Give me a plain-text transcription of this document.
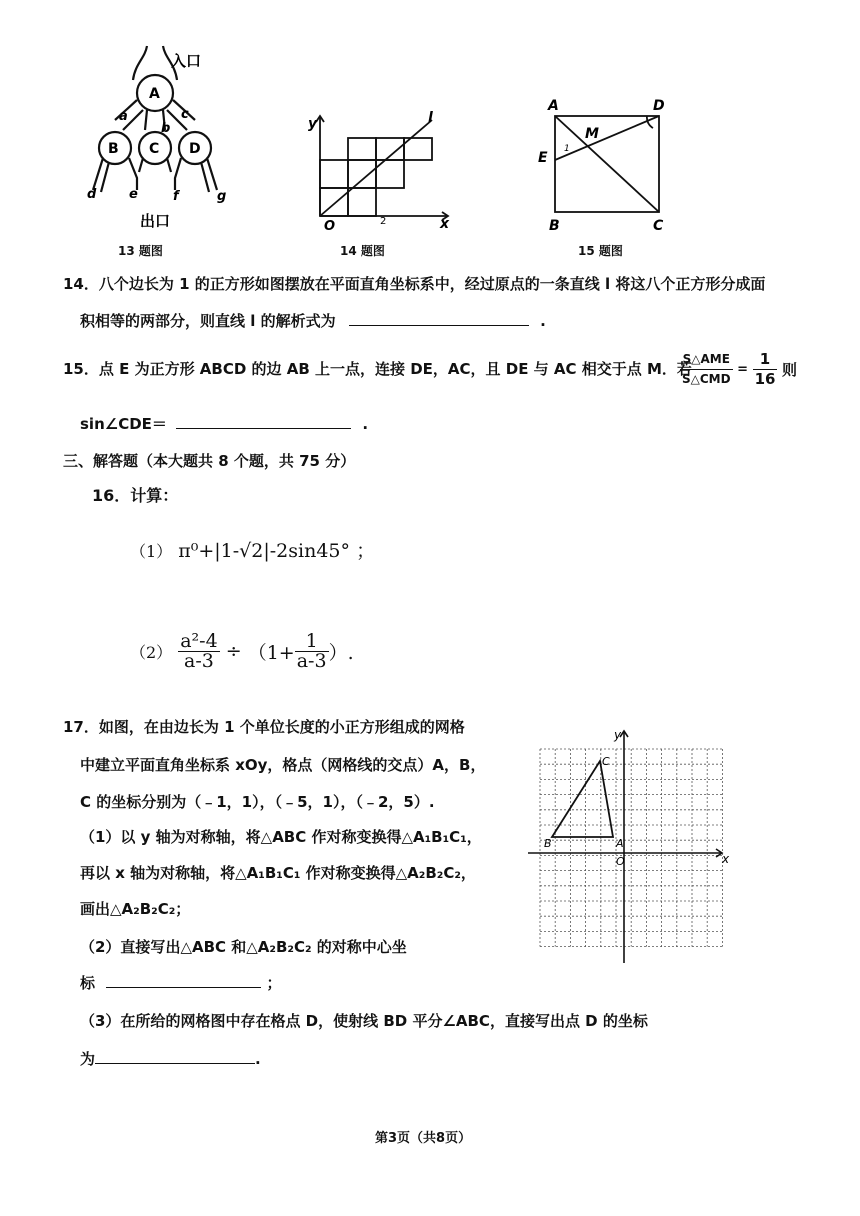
入口
A
B C D
a
b
c
d	e	f	g
出口
13 题图
y
x
O
l
2
14 题图
A	D
M
E
B	C
1
15 题图
14．八个边长为 1 的正方形如图摆放在平面直角坐标系中，经过原点的一条直线 l 将这八个正方形分成面
积相等的两部分，则直线 l 的解析式为	.
15．点 E 为正方形 ABCD 的边 AB 上一点，连接 DE，AC，且 DE 与 AC 相交于点 M．若
$\frac{\text{S△AME}}{\text{S△CMD}} = \frac{1}{16}$ 则
sin∠CDE＝	.
三、解答题（本大题共 8 个题，共 75 分）
16．计算：
（1） π⁰+|1-√2|-2sin45° ；
$(2) \frac{\text{a²-4}}{a-3} \div (1+ \frac{1}{a-3}$ ）.
17．如图，在由边长为 1 个单位长度的小正方形组成的网格
中建立平面直角坐标系 xOy，格点（网格线的交点）A，B，
C 的坐标分别为（﹣1，1），（﹣5，1），（﹣2，5）.
（1）以 y 轴为对称轴，将△ABC 作对称变换得△A₁B₁C₁，
再以 x 轴为对称轴，将△A₁B₁C₁ 作对称变换得△A₂B₂C₂，
画出△A₂B₂C₂；
（2）直接写出△ABC 和△A₂B₂C₂ 的对称中心坐
标	；
（3）在所给的网格图中存在格点 D，使射线 BD 平分∠ABC，直接写出点 D 的坐标
为	.
y
x
O
A
B
C
第3页（共8页）
